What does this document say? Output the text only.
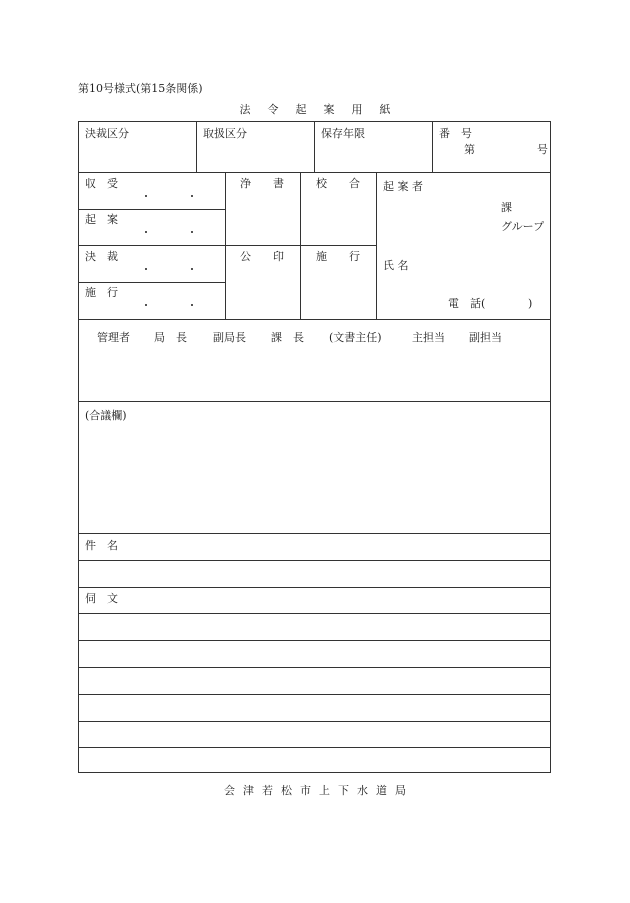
第10号様式(第15条関係)
法令起案用紙
決裁区分	取扱区分	保存年限	番　号
第	号
収　受
・	・
起　案
・	・
決　裁
・	・
施　行
・	・
浄　　書	校　　合
公　　印	施　　行
起 案 者
課
グループ
氏 名
電　話(	)
管理者 局　長 副局長 課　長 (文書主任)	主担当 副担当
(合議欄)
件　名
伺　文
会津若松市上下水道局
